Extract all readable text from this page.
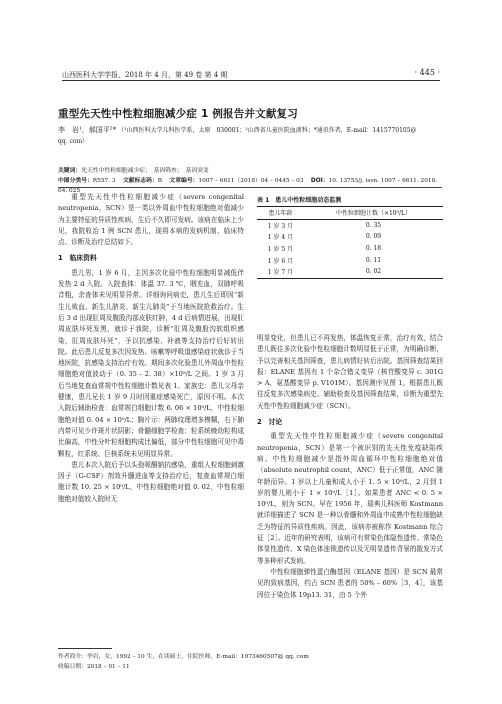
山西医科大学学报，2018 年 4 月，第 49 卷 第 4 期	· 445 ·
重型先天性中性粒细胞减少症 1 例报告并文献复习
李　岩¹，郝国平²* （¹山西医科大学儿科医学系，太原　030001；²山西省儿童医院血液科；*通讯作者，E-mail：1415770105@
qq. com）
关键词：先天性中性粒细胞减少症；　基因筛查；　基因突变
中图分类号：R557. 3 文献标志码：B 文章编号：1007 – 6611（2018）04 – 0445 – 03 DOI：10. 13753/j. issn. 1007 – 6611. 2018. 04. 025

重型先天性中性粒细胞减少症（severe congenital neutropenia，SCN）是一类以外周血中性粒细胞绝对值减少为主要特征的异质性疾病，生后不久即可发病。该病在临床上少见，我院收治 1 例 SCN 患儿，现将本病的发病机制、临床特点、诊断及治疗总结如下。

1　临床资料

患儿男，1 岁 6 月，主因多次化验中性粒细胞明显减低伴发热 2 d 入院。入院查体：体温 37. 3 ℃，咽充血，双肺呼吸音粗，余查体未见明显异常。详细询问病史，患儿生后即因“新生儿败血、新生儿脐炎、新生儿肺炎”于当地医院抢救治疗。生后 3 d 出现肛周及腹股沟部皮肤红肿，4 d 后病情进展，出现肛周皮肤坏死发黑，就诊于我院，诊断“肛周及腹股沟软组织感染，肛周皮肤坏死”，予以抗感染、补液等支持治疗后好转出院。此后患儿反复多次因发热、咳嗽等呼吸道感染症状就诊于当地医院，抗感染支持治疗有效。期间多次化验患儿外周血中性粒细胞绝对值波动于（0. 35 – 2. 38）×10⁹/L 之间。1 岁 3 月后当地复查血常规中性粒细胞计数见表 1。家族史：患儿父母亲健康，患儿兄长 1 岁 9 月时因重症感染死亡，原因不明。本次入院后辅助检查：血常规白细胞计数 6. 06 × 10⁹/L，中性粒细胞绝对值 0. 04 × 10⁹/L；胸片示：两肺纹理增多模糊，右下肺内带可见少许斑片状阴影；骨髓细胞学检查：粒系统晚幼粒构成比偏高，中性分叶粒细胞构成比偏低，部分中性粒细胞可见中毒颗粒，红系统、巨核系统未见明显异常。

患儿本次入院后予以头孢哌酮钠抗感染，重组人粒细胞刺激因子（G-CSF）剂效升髓进血等支持治疗后，复查血常规白细胞计数 10. 25 × 10⁹/L，中性粒细胞绝对值 0. 02，中性粒细胞绝对值较入院时无

表 1　患儿中性粒细胞动态监测
患儿年龄	中性粒细胞计数（×10⁹/L）
1 岁 3 月	0. 35
1 岁 4 月	0. 09
1 岁 5 月	0. 18
1 岁 6 月	0. 11
1 岁 7 月	0. 02

明显变化，但患儿已不再发热，体温恢复正常，治疗有效，结合患儿既往多次化验中性粒细胞计数明显低于正常，为明确诊断，予以完善相关基因筛查，患儿病情好转后出院。基因筛查结果回报：ELANE 基因有 1 个杂合错义变异（核苷酸变异 c. 301G > A，氨基酸变异 p. V101M）。基因测序见图 1。根据患儿既往反复多次感染病史、辅助检查及基因筛查结果，诊断为重型先天性中性粒细胞减少症（SCN）。

2　讨论

重型先天性中性粒细胞减少症（severe congenital neutropenia，SCN）是第一个被识别的先天性免疫缺陷疾病。中性粒细胞减少是指外周血循环中性粒细胞绝对值（absolute neutrophil count，ANC）低于正常值，ANC 随年龄而异。1 岁以上儿童和成人小于 1. 5 × 10⁹/L，2 月到 1 岁的婴儿则小于 1 × 10⁹/L［1］。如果患者 ANC < 0. 5 × 10⁹/L，则为 SCN。早在 1956 年，瑞典儿科医师 Kostmann 就详细描述了 SCN 是一种以骨髓和外周血中成熟中性粒细胞缺乏为特征的异质性疾病。因此，该病亦被称作 Kostmann 综合征［2］。近年的研究表明，该病可有常染色体隐性遗传、常染色体显性遗传、X 染色体连锁遗传以及无明显遗传背景的散发方式等多种形式发病。

中性粒细胞弹性蛋白酶基因（ELANE 基因）是 SCN 最常见的致病基因，约占 SCN 患者的 50% – 60%［3，4］，该基因位于染色体 19p13. 31，由 5 个外

作者简介：李岩，女，1992 – 10 生，在读硕士，住院医师，E-mail：1973460507@ qq. com
收稿日期：2018 – 01 – 11
